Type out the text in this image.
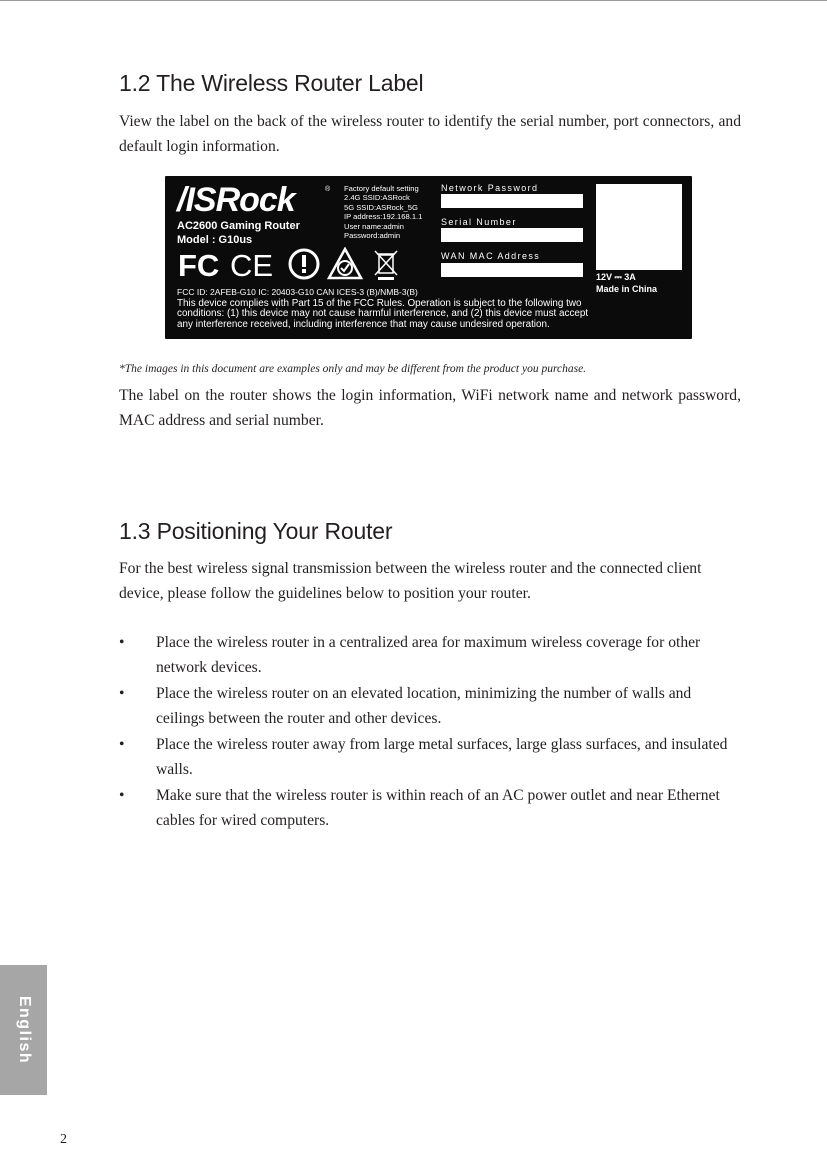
1.2 The Wireless Router Label

View the label on the back of the wireless router to identify the serial number, port connectors, and default login information.

/ISRock	®
AC2600 Gaming Router
Model : G10us
Factory default setting
2.4G SSID:ASRock
5G SSID:ASRock_5G
IP address:192.168.1.1
User name:admin
Password:admin
Network Password
Serial Number
WAN MAC Address
12V ⎓ 3A
Made in China
FC CE
FCC ID: 2AFEB-G10 IC: 20403-G10 CAN ICES-3 (B)/NMB-3(B)
This device complies with Part 15 of the FCC Rules. Operation is subject to the following two
conditions: (1) this device may not cause harmful interference, and (2) this device must accept
any interference received, including interference that may cause undesired operation.

*The images in this document are examples only and may be different from the product you purchase.

The label on the router shows the login information, WiFi network name and network password, MAC address and serial number.

1.3 Positioning Your Router

For the best wireless signal transmission between the wireless router and the connected client device, please follow the guidelines below to position your router.

• Place the wireless router in a centralized area for maximum wireless coverage for other network devices.
• Place the wireless router on an elevated location, minimizing the number of walls and ceilings between the router and other devices.
• Place the wireless router away from large metal surfaces, large glass surfaces, and insulated walls.
• Make sure that the wireless router is within reach of an AC power outlet and near Ethernet cables for wired computers.
English
2
